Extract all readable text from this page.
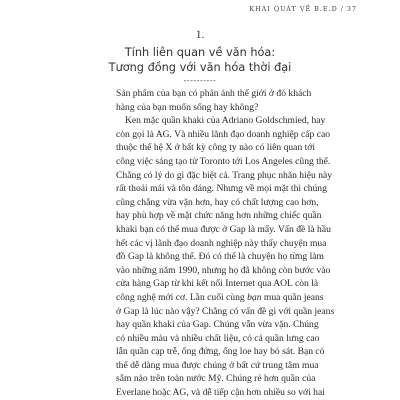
KHÁI QUÁT VỀ B.E.D / 37
1.
Tính liên quan về văn hóa:
Tương đồng với văn hóa thời đại
----------
Sản phẩm của bạn có phản ánh thế giới ở đó khách
hàng của bạn muốn sống hay không?
Ken mặc quần khaki của Adriano Goldschmied, hay
còn gọi là AG. Và nhiều lãnh đạo doanh nghiệp cấp cao
thuộc thế hệ X ở bất kỳ công ty nào có liên quan tới
công việc sáng tạo từ Toronto tới Los Angeles cũng thế.
Chẳng có lý do gì đặc biệt cả. Trang phục nhãn hiệu này
rất thoải mái và tôn dáng. Nhưng về mọi mặt thì chúng
cũng chẳng vừa vặn hơn, hay có chất lượng cao hơn,
hay phù hợp về mặt chức năng hơn những chiếc quần
khaki bạn có thể mua được ở Gap là mấy. Vấn đề là hầu
hết các vị lãnh đạo doanh nghiệp này thấy chuyện mua
đồ Gap là không thể. Đó có thể là chuyện họ từng làm
vào những năm 1990, nhưng họ đã không còn bước vào
cửa hàng Gap từ khi kết nối Internet qua AOL còn là
công nghệ mới cơ. Lần cuối cùng bạn mua quần jeans
ở Gap là lúc nào vậy? Chẳng có vấn đề gì với quần jeans
hay quần khaki của Gap. Chúng vẫn vừa vặn. Chúng
có nhiều màu và nhiều chất liệu, có cả quần lưng cao
lẫn quần cạp trễ, ống đứng, ống loe hay bó sát. Bạn có
thể dễ dàng mua được chúng ở bất cứ trung tâm mua
sắm nào trên toàn nước Mỹ. Chúng rẻ hơn quần của
Everlane hoặc AG, và dễ tiếp cận hơn nhiều so với hai
